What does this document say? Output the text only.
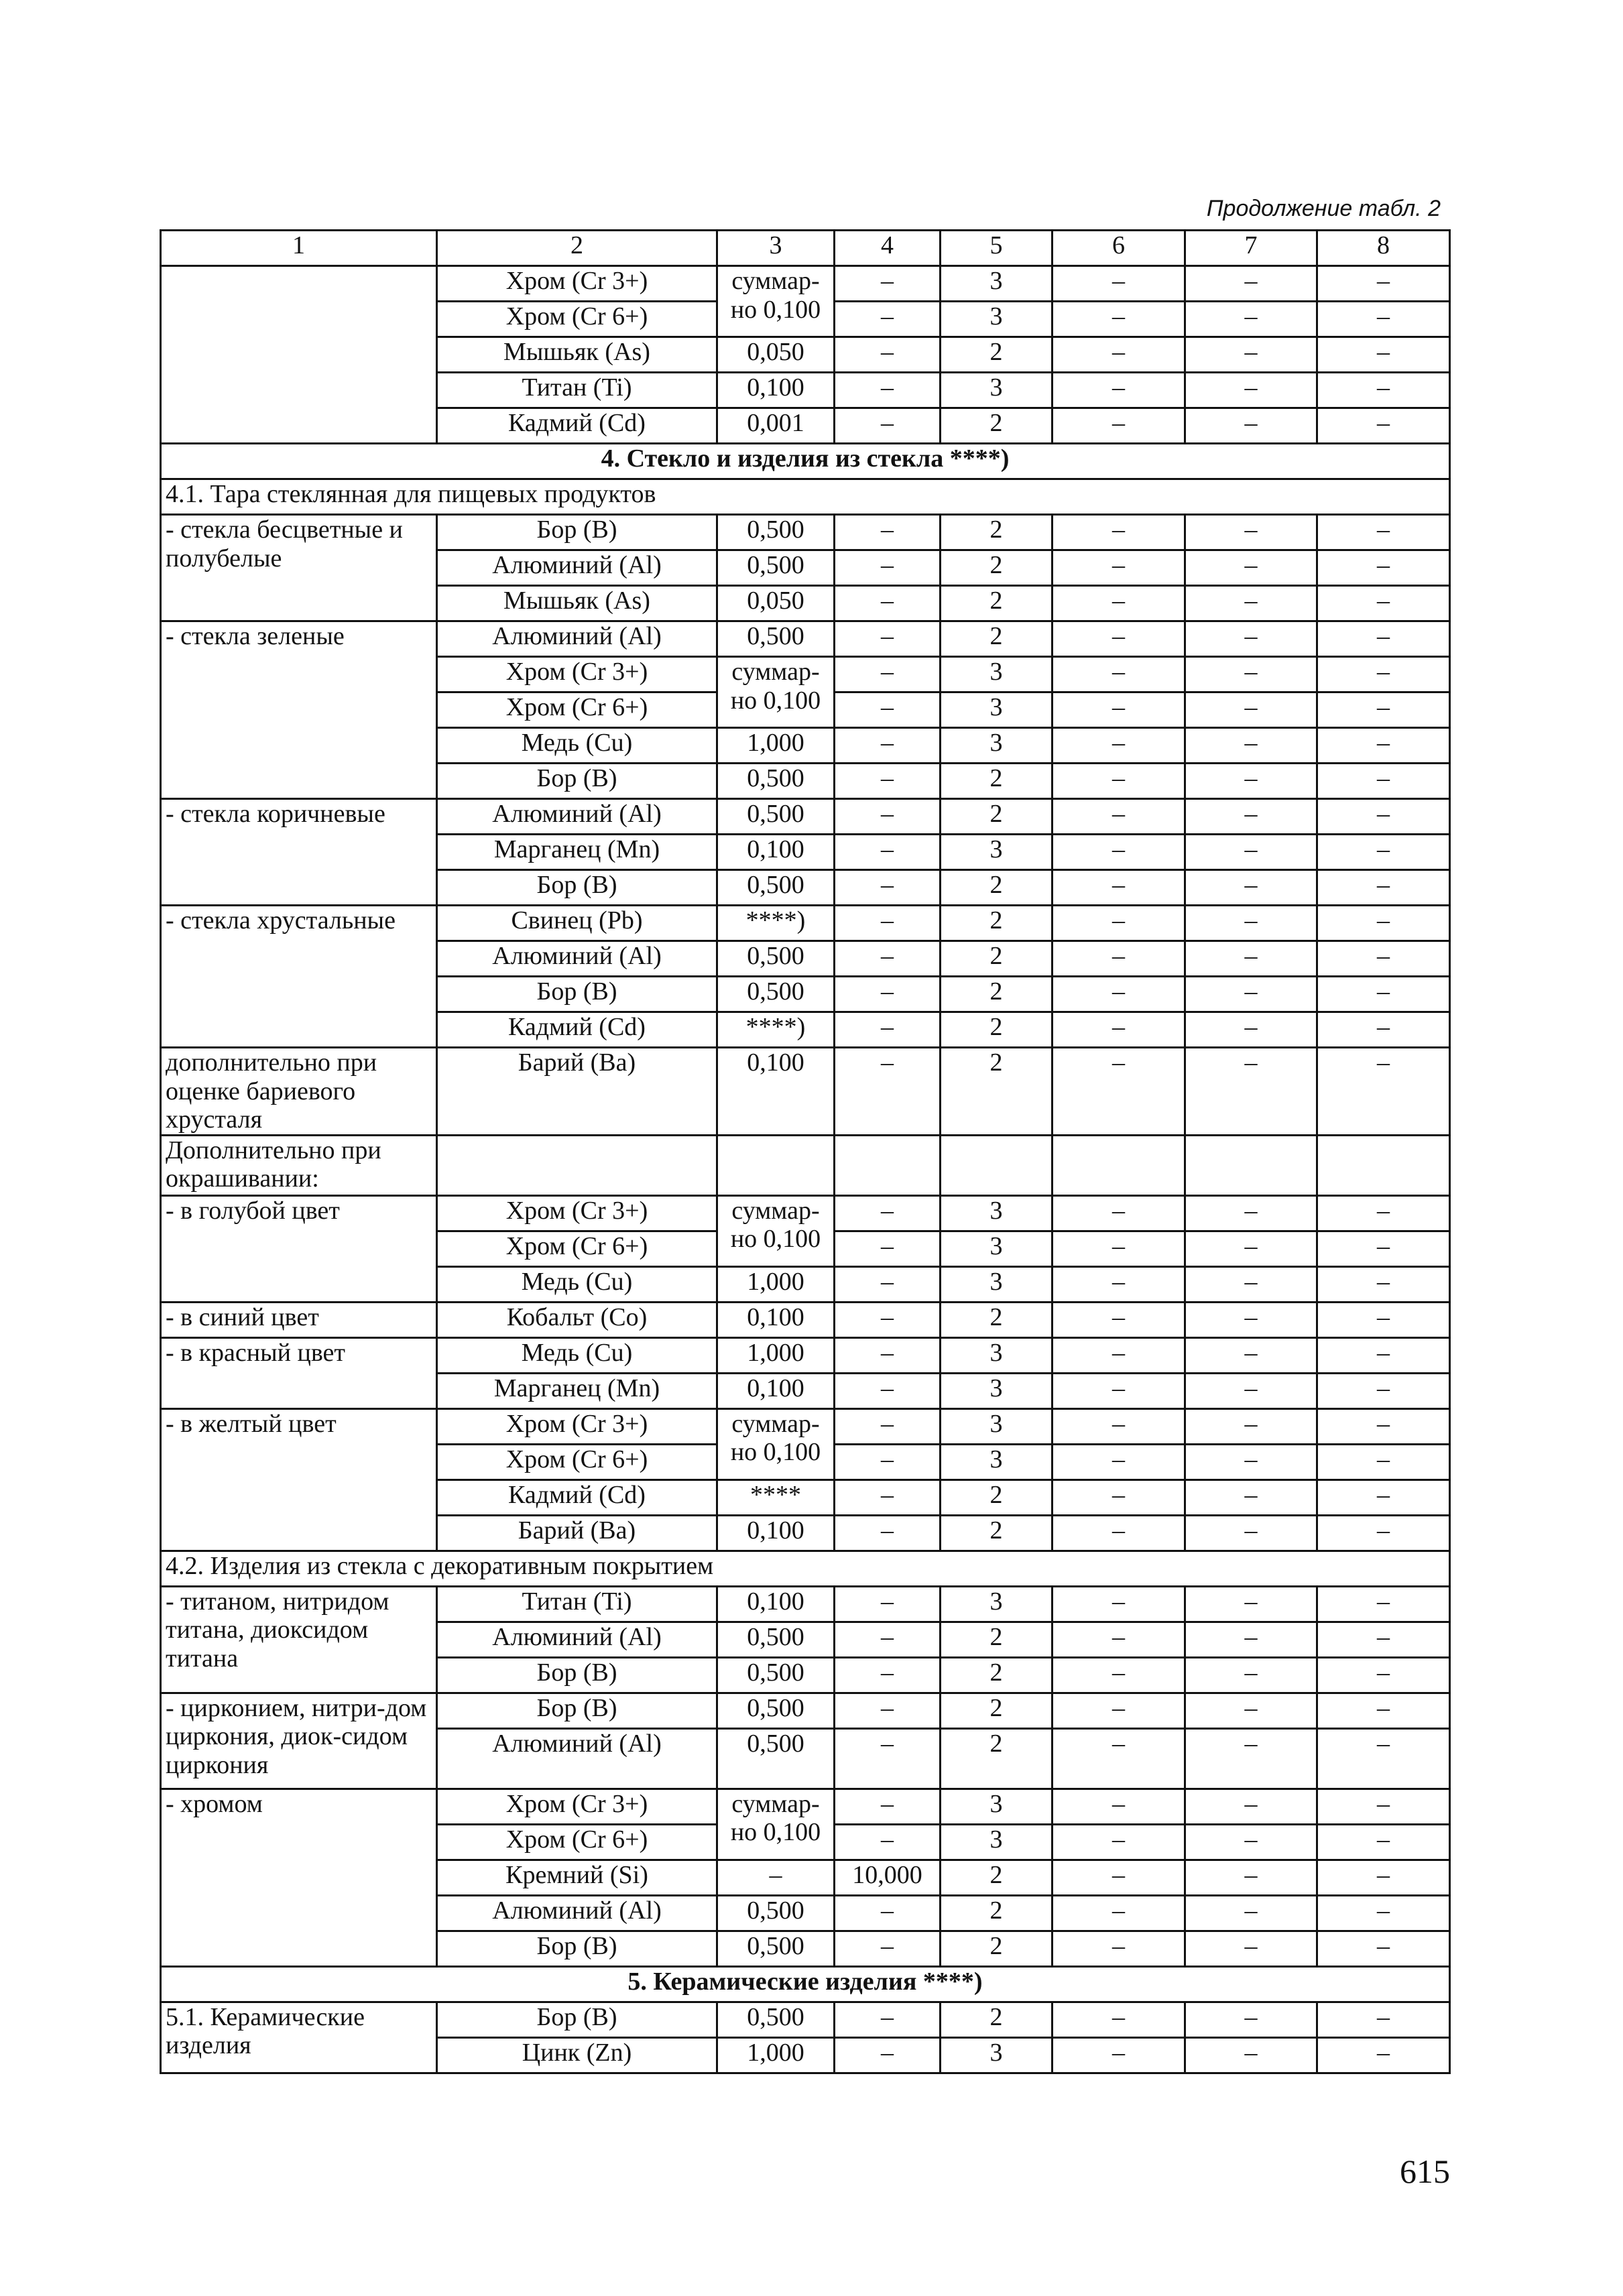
Продолжение табл. 2
1	2	3	4	5	6	7	8
	Хром (Cr 3+)	суммар-но 0,100	–	3	–	–	–
	Хром (Cr 6+)		–	3	–	–	–
	Мышьяк (As)	0,050	–	2	–	–	–
	Титан (Ti)	0,100	–	3	–	–	–
	Кадмий (Cd)	0,001	–	2	–	–	–
4. Стекло и изделия из стекла ****)							
4.1. Тара стеклянная для пищевых продуктов							
- стекла бесцветные и полубелые	Бор (B)	0,500	–	2	–	–	–
	Алюминий (Al)	0,500	–	2	–	–	–
	Мышьяк (As)	0,050	–	2	–	–	–
- стекла зеленые	Алюминий (Al)	0,500	–	2	–	–	–
	Хром (Cr 3+)	суммар-но 0,100	–	3	–	–	–
	Хром (Cr 6+)		–	3	–	–	–
	Медь (Cu)	1,000	–	3	–	–	–
	Бор (B)	0,500	–	2	–	–	–
- стекла коричневые	Алюминий (Al)	0,500	–	2	–	–	–
	Марганец (Mn)	0,100	–	3	–	–	–
	Бор (B)	0,500	–	2	–	–	–
- стекла хрустальные	Свинец (Pb)	****)	–	2	–	–	–
	Алюминий (Al)	0,500	–	2	–	–	–
	Бор (B)	0,500	–	2	–	–	–
	Кадмий (Cd)	****)	–	2	–	–	–
дополнительно при оценке бариевого хрусталя	Барий (Ba)	0,100	–	2	–	–	–
Дополнительно при окрашивании:							
- в голубой цвет	Хром (Cr 3+)	суммар-но 0,100	–	3	–	–	–
	Хром (Cr 6+)		–	3	–	–	–
	Медь (Cu)	1,000	–	3	–	–	–
- в синий цвет	Кобальт (Co)	0,100	–	2	–	–	–
- в красный цвет	Медь (Cu)	1,000	–	3	–	–	–
	Марганец (Mn)	0,100	–	3	–	–	–
- в желтый цвет	Хром (Cr 3+)	суммар-но 0,100	–	3	–	–	–
	Хром (Cr 6+)		–	3	–	–	–
	Кадмий (Cd)	****	–	2	–	–	–
	Барий (Ba)	0,100	–	2	–	–	–
4.2. Изделия из стекла с декоративным покрытием							
- титаном, нитридом титана, диоксидом титана	Титан (Ti)	0,100	–	3	–	–	–
	Алюминий (Al)	0,500	–	2	–	–	–
	Бор (B)	0,500	–	2	–	–	–
- цирконием, нитри-дом циркония, диок-сидом циркония	Бор (B)	0,500	–	2	–	–	–
	Алюминий (Al)	0,500	–	2	–	–	–
- хромом	Хром (Cr 3+)	суммар-но 0,100	–	3	–	–	–
	Хром (Cr 6+)		–	3	–	–	–
	Кремний (Si)	–	10,000	2	–	–	–
	Алюминий (Al)	0,500	–	2	–	–	–
	Бор (B)	0,500	–	2	–	–	–
5. Керамические изделия ****)							
5.1. Керамические изделия	Бор (B)	0,500	–	2	–	–	–
	Цинк (Zn)	1,000	–	3	–	–	–
615
